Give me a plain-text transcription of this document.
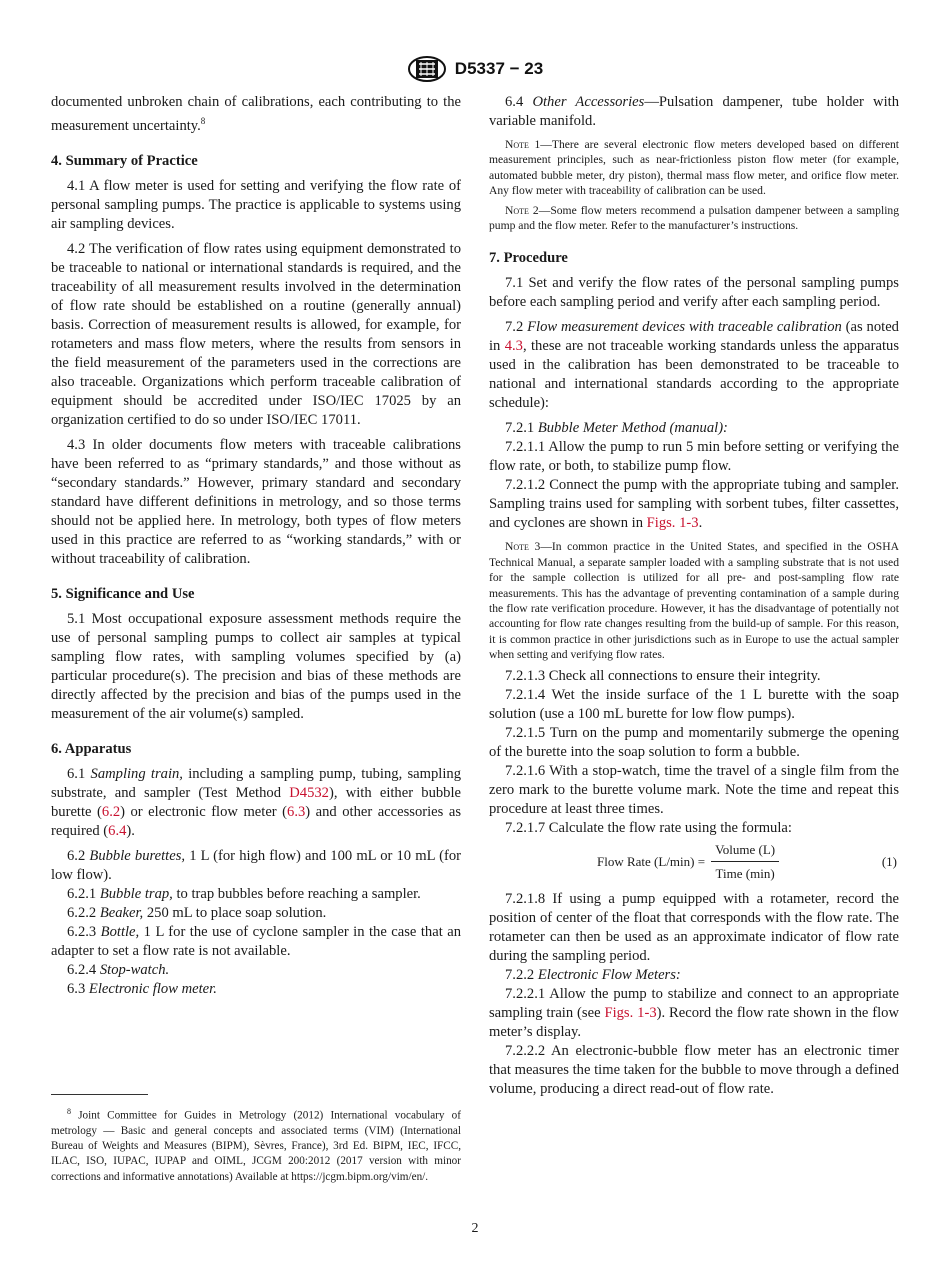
D5337 − 23

documented unbroken chain of calibrations, each contributing to the measurement uncertainty.$^8$

4. Summary of Practice

4.1 A flow meter is used for setting and verifying the flow rate of personal sampling pumps. The practice is applicable to systems using air sampling devices.

4.2 The verification of flow rates using equipment demonstrated to be traceable to national or international standards is required, and the traceability of all measurement results involved in the determination of flow rate should be established on a routine (generally annual) basis. Correction of measurement results is allowed, for example, for rotameters and mass flow meters, where the results from sensors in the field measurement of the parameters used in the corrections are also traceable. Organizations which perform traceable calibration of equipment should be accredited under ISO/IEC 17025 by an organization certified to do so under ISO/IEC 17011.

4.3 In older documents flow meters with traceable calibrations have been referred to as “primary standards,” and those without as “secondary standards.” However, primary standard and secondary standard have different definitions in metrology, and so those terms should not be applied here. In metrology, both types of flow meters used in this practice are referred to as “working standards,” with or without traceability of calibration.

5. Significance and Use

5.1 Most occupational exposure assessment methods require the use of personal sampling pumps to collect air samples at typical sampling flow rates, with sampling volumes specified by (a) particular procedure(s). The precision and bias of these methods are directly affected by the precision and bias of the pumps used in the measurement of the air volume(s) sampled.

6. Apparatus

6.1 Sampling train, including a sampling pump, tubing, sampling substrate, and sampler (Test Method D4532), with either bubble burette (6.2) or electronic flow meter (6.3) and other accessories as required (6.4).

6.2 Bubble burettes, 1 L (for high flow) and 100 mL or 10 mL (for low flow).

6.2.1 Bubble trap, to trap bubbles before reaching a sampler.

6.2.2 Beaker, 250 mL to place soap solution.

6.2.3 Bottle, 1 L for the use of cyclone sampler in the case that an adapter to set a flow rate is not available.

6.2.4 Stop-watch.

6.3 Electronic flow meter.

$^8$ Joint Committee for Guides in Metrology (2012) International vocabulary of metrology — Basic and general concepts and associated terms (VIM) (International Bureau of Weights and Measures (BIPM), Sèvres, France), 3rd Ed. BIPM, IEC, IFCC, ILAC, ISO, IUPAC, IUPAP and OIML, JCGM 200:2012 (2017 version with minor corrections and informative annotations) Available at https://jcgm.bipm.org/vim/en/.

6.4 Other Accessories—Pulsation dampener, tube holder with variable manifold.

Note 1—There are several electronic flow meters developed based on different measurement principles, such as near-frictionless piston flow meter (for example, automated bubble meter, dry piston), thermal mass flow meter, and orifice flow meter. Any flow meter with traceability of calibration can be used.

Note 2—Some flow meters recommend a pulsation dampener between a sampling pump and the flow meter. Refer to the manufacturer’s instructions.

7. Procedure

7.1 Set and verify the flow rates of the personal sampling pumps before each sampling period and verify after each sampling period.

7.2 Flow measurement devices with traceable calibration (as noted in 4.3, these are not traceable working standards unless the apparatus used in the calibration has been demonstrated to be traceable to national and international standards according to the appropriate schedule):

7.2.1 Bubble Meter Method (manual):

7.2.1.1 Allow the pump to run 5 min before setting or verifying the flow rate, or both, to stabilize pump flow.

7.2.1.2 Connect the pump with the appropriate tubing and sampler. Sampling trains used for sampling with sorbent tubes, filter cassettes, and cyclones are shown in Figs. 1-3.

Note 3—In common practice in the United States, and specified in the OSHA Technical Manual, a separate sampler loaded with a sampling substrate that is not used for the sample collection is utilized for all pre- and post-sampling flow rate measurements. This has the advantage of preventing contamination of a sample during the flow rate verification procedure. However, it has the disadvantage of potentially not accounting for flow rate changes resulting from the build-up of sample. For this reason, it is common practice in other jurisdictions such as in Europe to use the actual sampler when setting and verifying flow rates.

7.2.1.3 Check all connections to ensure their integrity.

7.2.1.4 Wet the inside surface of the 1 L burette with the soap solution (use a 100 mL burette for low flow pumps).

7.2.1.5 Turn on the pump and momentarily submerge the opening of the burette into the soap solution to form a bubble.

7.2.1.6 With a stop-watch, time the travel of a single film from the zero mark to the burette volume mark. Note the time and repeat this procedure at least three times.

7.2.1.7 Calculate the flow rate using the formula:

Flow Rate $(L/\min) = \frac{\text{Volume (L)}}{\text{Time (min)}}$	(1)

7.2.1.8 If using a pump equipped with a rotameter, record the position of center of the float that corresponds with the flow rate. The rotameter can then be used as an approximate indicator of flow rate during the sampling period.

7.2.2 Electronic Flow Meters:

7.2.2.1 Allow the pump to stabilize and connect to an appropriate sampling train (see Figs. 1-3). Record the flow rate shown in the flow meter’s display.

7.2.2.2 An electronic-bubble flow meter has an electronic timer that measures the time taken for the bubble to move through a defined volume, producing a direct read-out of flow rate.

2
